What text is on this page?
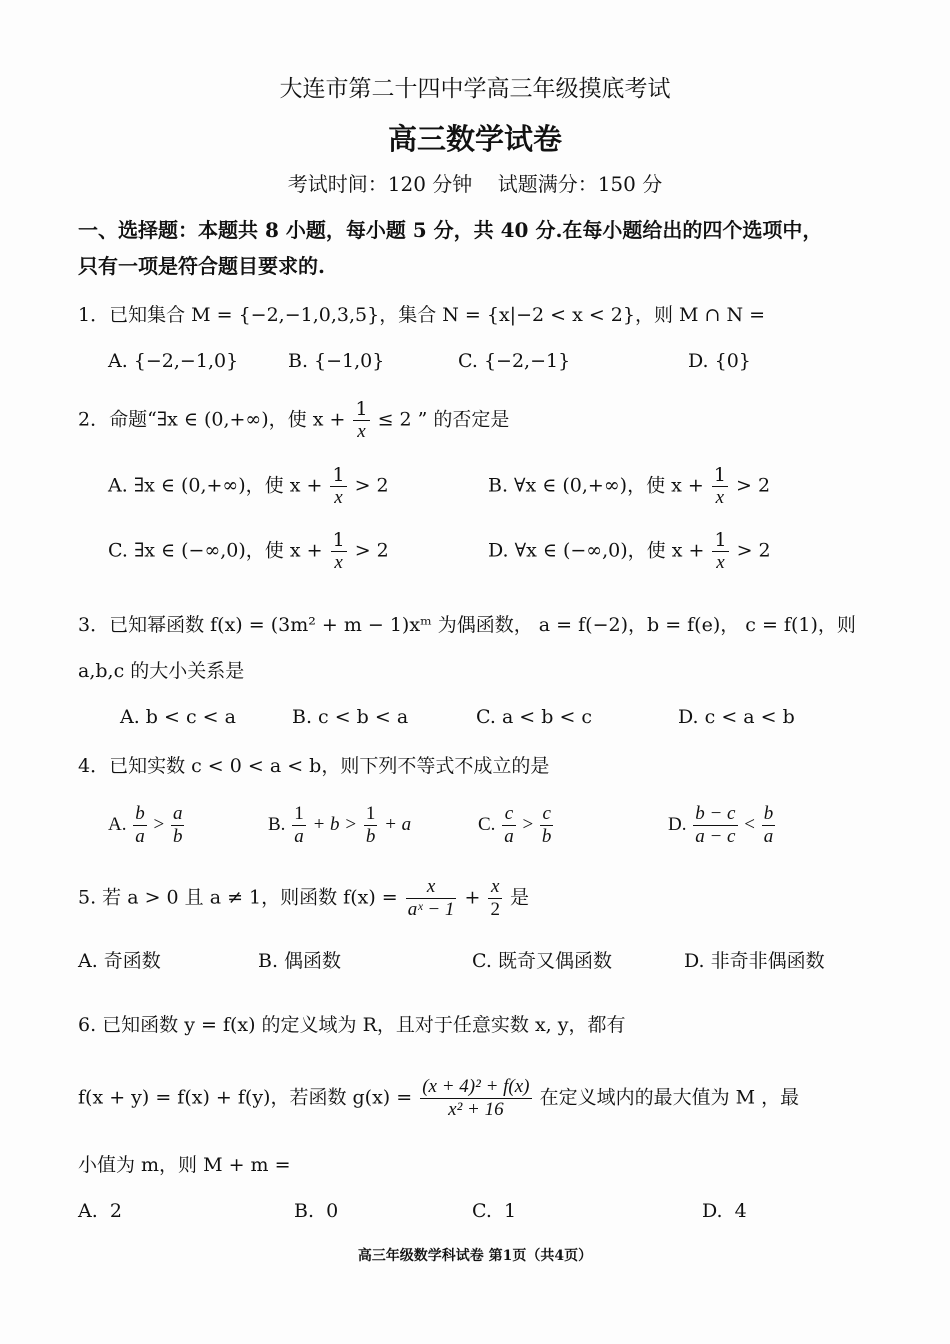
大连市第二十四中学高三年级摸底考试
高三数学试卷
考试时间：120 分钟    试题满分：150 分
一、选择题：本题共 8 小题，每小题 5 分，共 40 分.在每小题给出的四个选项中，
只有一项是符合题目要求的.
1．已知集合 M = {−2,−1,0,3,5}，集合 N = {x|−2 < x < 2}，则 M ∩ N =
A. {−2,−1,0}	B. {−1,0}	C. {−2,−1}	D. {0}
2．命题“∃x ∈ (0,+∞)，使 $x + \frac{1}{x} \le 2$ ” 的否定是
A. ∃x ∈ (0,+∞)，使 $x + \frac{1}{x} > 2$	B. ∀x ∈ (0,+∞)，使 $x + \frac{1}{x} > 2$
C. ∃x ∈ (−∞,0)，使 $x + \frac{1}{x} > 2$	D. ∀x ∈ (−∞,0)，使 $x + \frac{1}{x} > 2$
3．已知幂函数 f(x) = (3m² + m − 1)xᵐ 为偶函数， a = f(−2)，b = f(e)， c = f(1)，则
a,b,c 的大小关系是
A. b < c < a	B. c < b < a	C. a < b < c	D. c < a < b
4．已知实数 c < 0 < a < b，则下列不等式不成立的是
A. $\frac{b}{a} > \frac{a}{b}$	B. $\frac{1}{a} + b > \frac{1}{b} + a$	C. $\frac{c}{a} > \frac{c}{b}$	D. $\frac{b - c}{a - c} < \frac{b}{a}$
5. 若 a > 0 且 a ≠ 1，则函数 $f(x) = \frac{x}{\text{aˣ − 1}} + \frac{x}{2}$ 是
A. 奇函数	B. 偶函数	C. 既奇又偶函数	D. 非奇非偶函数
6. 已知函数 y = f(x) 的定义域为 R，且对于任意实数 x, y，都有
f(x + y) = f(x) + f(y)，若函数 $g(x) = \frac{\text{(x + 4)² + f(x)}}{\text{x² + 16}}$ 在定义域内的最大值为 M ，最
小值为 m，则 M + m =
A.  2	B.  0	C.  1	D.  4
高三年级数学科试卷 第1页（共4页）
